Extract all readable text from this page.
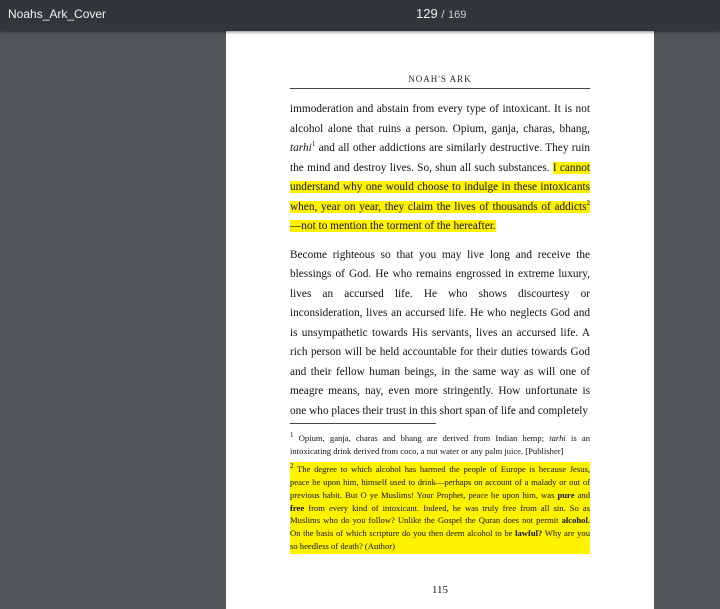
Noahs_Ark_Cover	129 / 169
NOAH'S ARK

immoderation and abstain from every type of intoxicant. It is not alcohol alone that ruins a person. Opium, ganja, charas, bhang, tarhi$^1$ and all other addictions are similarly destructive. They ruin the mind and destroy lives. So, shun all such substances. I cannot understand why one would choose to indulge in these intoxicants when, year on year, they claim the lives of thousands of addicts$^2$—not to mention the torment of the hereafter.

Become righteous so that you may live long and receive the blessings of God. He who remains engrossed in extreme luxury, lives an accursed life. He who shows discourtesy or inconsideration, lives an accursed life. He who neglects God and is unsympathetic towards His servants, lives an accursed life. A rich person will be held accountable for their duties towards God and their fellow human beings, in the same way as will one of meagre means, nay, even more stringently. How unfortunate is one who places their trust in this short span of life and completely

$^1$ Opium, ganja, charas and bhang are derived from Indian hemp; tarhi is an intoxicating drink derived from coco, a nut water or any palm juice. [Publisher]

$^2$ The degree to which alcohol has harmed the people of Europe is because Jesus, peace be upon him, himself used to drink—perhaps on account of a malady or out of previous habit. But O ye Muslims! Your Prophet, peace be upon him, was pure and free from every kind of intoxicant. Indeed, he was truly free from all sin. So as Muslims who do you follow? Unlike the Gospel the Quran does not permit alcohol. On the basis of which scripture do you then deem alcohol to be lawful? Why are you so heedless of death? (Author)

115
